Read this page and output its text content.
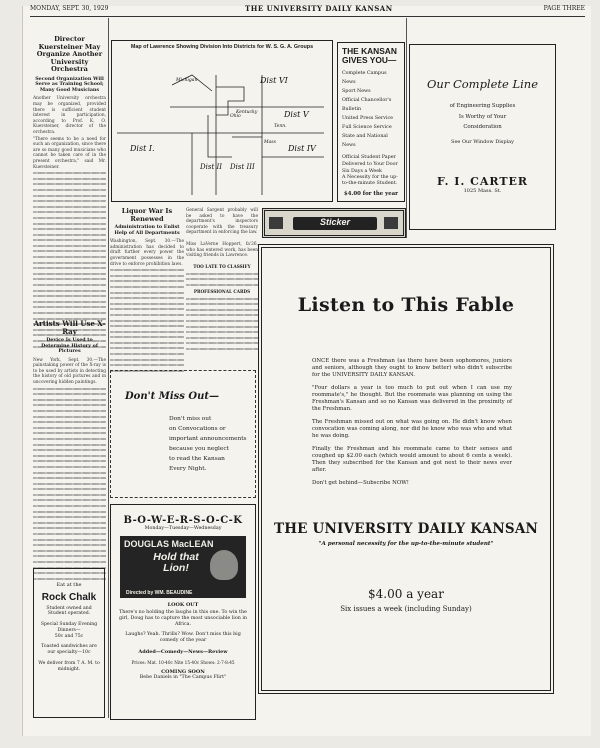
MONDAY, SEPT. 30, 1929	THE UNIVERSITY DAILY KANSAN	PAGE THREE
Director Kuersteiner May Organize Another University Orchestra
Second Organization Will Serve as Training School; Many Good Musicians
Another University orchestra may be organized, provided there is sufficient student interest in participation, according to Prof. K. O. Kuersteiner, director of the orchestra.
"There seems to be a need for such an organization, since there are so many good musicians who cannot be taken care of in the present orchestra," said Mr. Kuersteiner.
Artists Will Use X-Ray
Device Is Used to Determine History of Pictures
New York, Sept. 30.—The painstaking power of the X-ray is to be used by artists in detecting the history of old pictures and in uncovering hidden paintings.
Eat at the
Rock Chalk
Student owned and Student operated.
Special Sunday Evening Dinners—
50c and 75c
Toasted sandwiches are our specialty—10c
We deliver from 7 A. M. to midnight.
Map of Lawrence Showing Division Into Districts for W. S. G. A. Groups
Dist I.
Dist II Dist III
Dist IV
Dist V
Dist VI
Michigan
Ohio
Kentucky
Tenn.
Mass
THE KANSAN GIVES YOU—
Complete Campus News
Sport News
Official Chancellor's Bulletin
United Press Service
Full Science Service
State and National News
Official Student Paper
Delivered to Your Door
Six Days a Week
A Necessity for the up-to-the-minute Student.
$4.00 for the year
Our Complete Line
of Engineering Supplies
Is Worthy of Your
Consideration
See Our Window Display
F. I. CARTER
1025 Mass. St.
Sticker
Liquor War Is Renewed
Administration to Enlist Help of All Departments
Washington, Sept. 30.—The administration has decided to draft further every power the government possesses in the drive to enforce prohibition laws.
General Sargent probably will be asked to have the department's inspectors cooperate with the treasury department in enforcing the law.
Miss LaVerne Hoppert, fa'26, who has entered work, has been visiting friends in Lawrence.
TOO LATE TO CLASSIFY
PROFESSIONAL CARDS
Don't Miss Out—
Don't miss out
on Convocations or
important announcements
because you neglect
to read the Kansan
Every Night.
B-O-W-E-R-S-O-C-K
Monday—Tuesday—Wednesday
DOUGLAS MacLEAN
Hold that Lion!
Directed by WM. BEAUDINE
LOOK OUT
There's no holding the laughs in this one. To win the girl, Doug has to capture the most unsociable lion in Africa.
Laughs? Yeah. Thrills? Wow. Don't miss this big comedy of the year
Added—Comedy—News—Review
Prices: Mat. 10-40c Nite 15-40c Shows: 2-7-8:45
COMING SOON
Bebe Daniels in "The Campus Flirt"
Listen to This Fable
ONCE there was a Freshman (as there have been sophomores, juniors and seniors, although they ought to know better) who didn't subscribe for the UNIVERSITY DAILY KANSAN.
"Four dollars a year is too much to put out when I can use my roommate's," he thought. But the roommate was planning on using the Freshman's Kansan and so no Kansan was delivered in the proximity of the Freshman.
The Freshman missed out on what was going on. He didn't know when convocation was coming along, nor did he know who was who and what he was doing.
Finally the Freshman and his roommate came to their senses and coughed up $2.00 each (which would amount to about 6 cents a week). Then they subscribed for the Kansan and got next to their news ever after.
Don't get behind—Subscribe NOW!
THE UNIVERSITY DAILY KANSAN
"A personal necessity for the up-to-the-minute student"
$4.00 a year
Six issues a week (including Sunday)
